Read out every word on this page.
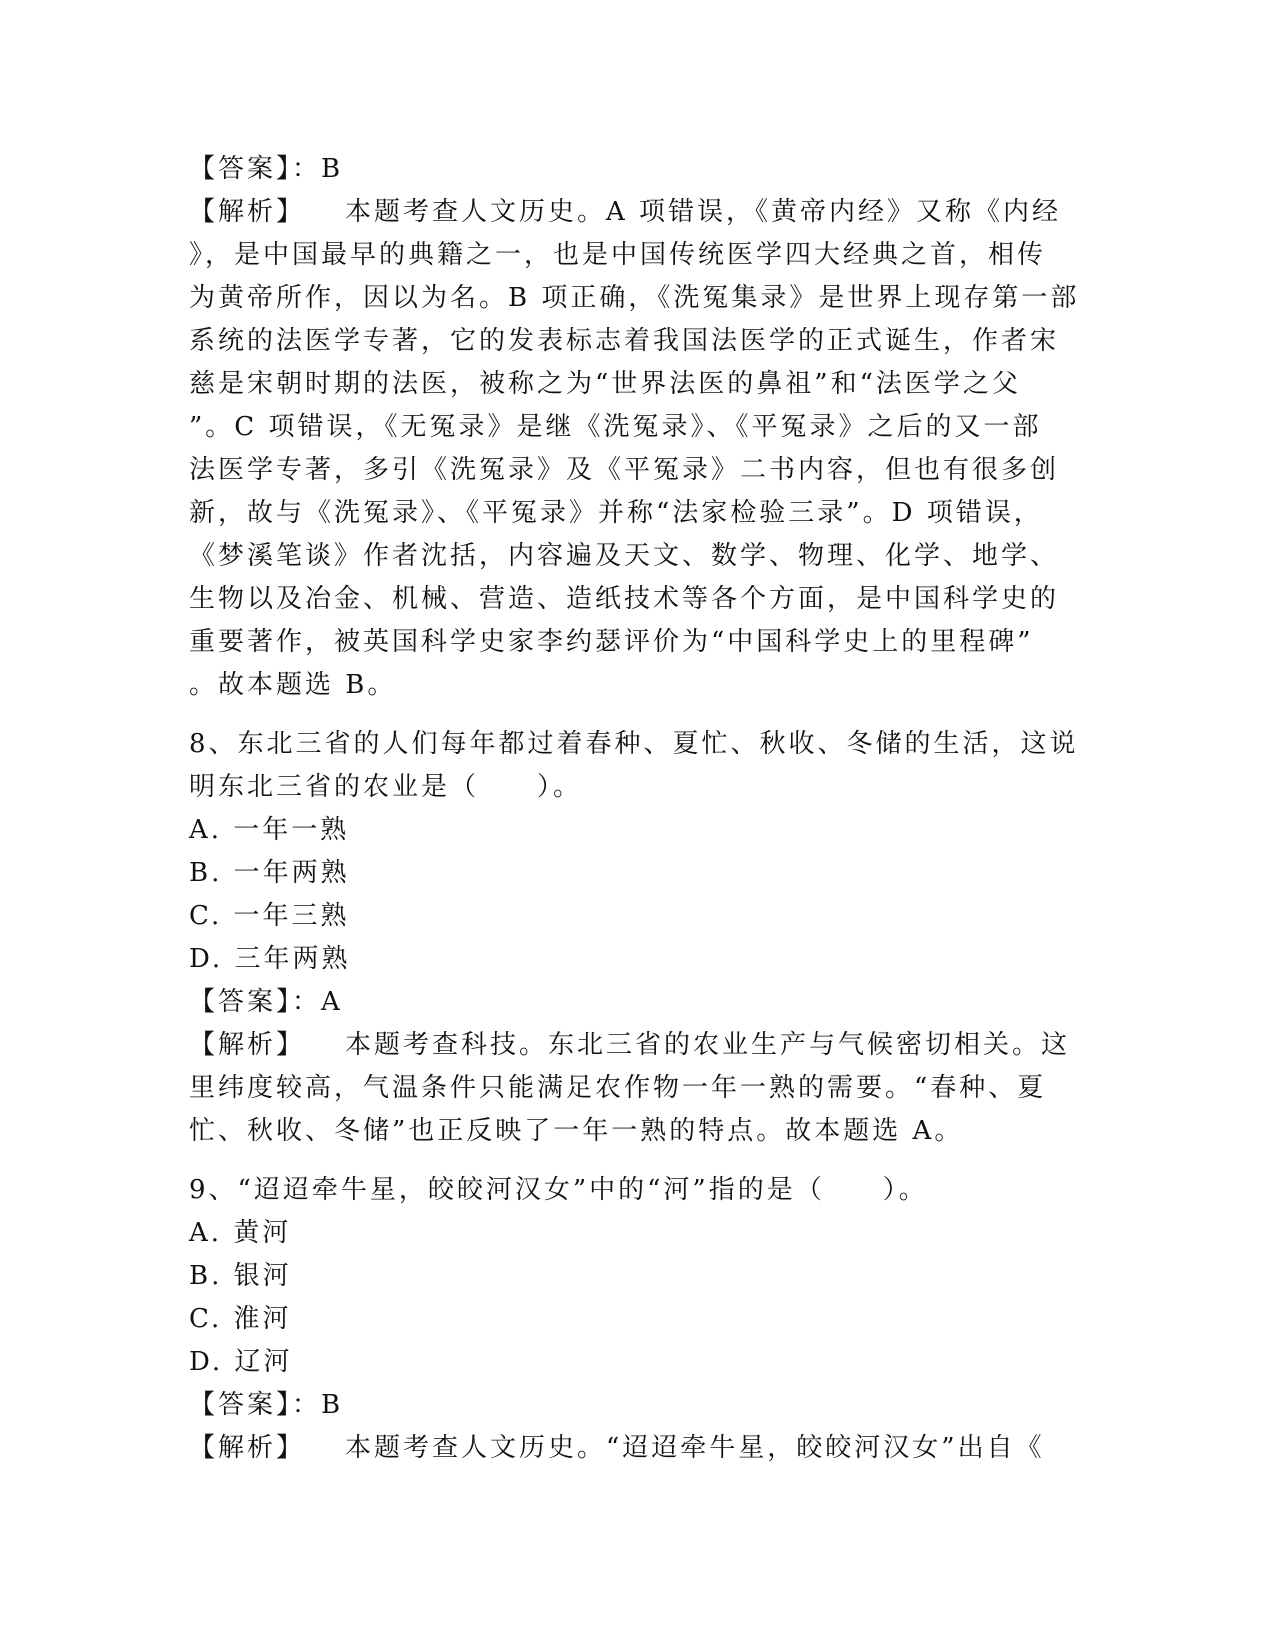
【答案】：B
【解析】 本题考查人文历史。A 项错误，《黄帝内经》又称《内经
》，是中国最早的典籍之一，也是中国传统医学四大经典之首，相传
为黄帝所作，因以为名。B 项正确，《洗冤集录》是世界上现存第一部
系统的法医学专著，它的发表标志着我国法医学的正式诞生，作者宋
慈是宋朝时期的法医，被称之为“世界法医的鼻祖”和“法医学之父
”。C 项错误，《无冤录》是继《洗冤录》、《平冤录》之后的又一部
法医学专著，多引《洗冤录》及《平冤录》二书内容，但也有很多创
新，故与《洗冤录》、《平冤录》并称“法家检验三录”。D 项错误，
《梦溪笔谈》作者沈括，内容遍及天文、数学、物理、化学、地学、
生物以及冶金、机械、营造、造纸技术等各个方面，是中国科学史的
重要著作，被英国科学史家李约瑟评价为“中国科学史上的里程碑”
。故本题选 B。
8、东北三省的人们每年都过着春种、夏忙、秋收、冬储的生活，这说
明东北三省的农业是（　　）。
A. 一年一熟
B. 一年两熟
C. 一年三熟
D. 三年两熟
【答案】：A
【解析】 本题考查科技。东北三省的农业生产与气候密切相关。这
里纬度较高，气温条件只能满足农作物一年一熟的需要。“春种、夏
忙、秋收、冬储”也正反映了一年一熟的特点。故本题选 A。
9、“迢迢牵牛星，皎皎河汉女”中的“河”指的是（　　）。
A. 黄河
B. 银河
C. 淮河
D. 辽河
【答案】：B
【解析】 本题考查人文历史。“迢迢牵牛星，皎皎河汉女”出自《
